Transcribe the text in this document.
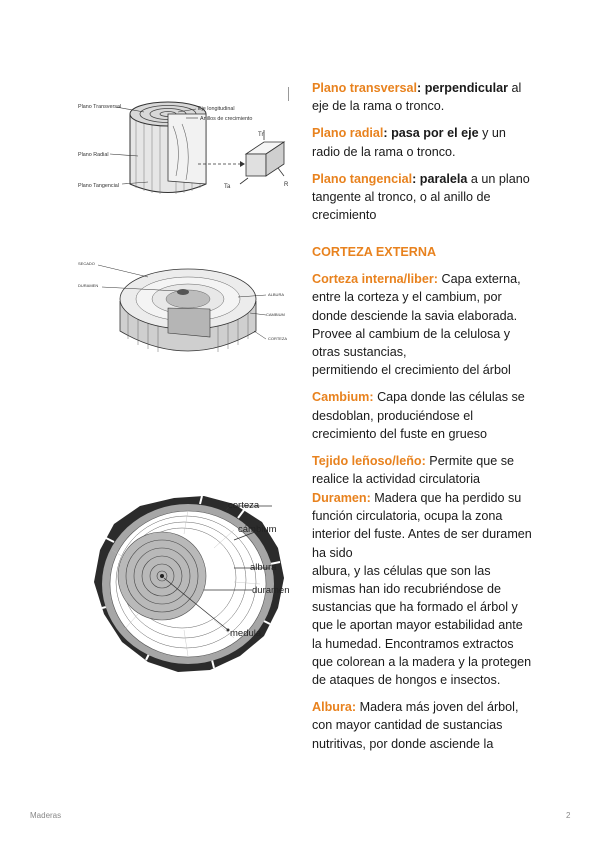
Plano Transversal	Eje longitudinal
Anillos de crecimiento
Plano Radial
Plano Tangencial
Tr
Ta	R
SECADO
DURAMEN
ALBURA
CAMBIUM
CORTEZA
corteza
cámbium
albura
duramen
medula

Plano transversal: perpendicular al eje de la rama o tronco.

Plano radial: pasa por el eje y un radio de la rama o tronco.

Plano tangencial: paralela a un plano tangente al tronco, o al anillo de crecimiento

CORTEZA EXTERNA

Corteza interna/liber: Capa externa, entre la corteza y el cambium, por donde desciende la savia elaborada. Provee al cambium de la celulosa y otras sustancias,
permitiendo el crecimiento del árbol

Cambium: Capa donde las células se desdoblan, produciéndose el crecimiento del fuste en grueso

Tejido leñoso/leño: Permite que se realice la actividad circulatoria

Duramen: Madera que ha perdido su función circulatoria, ocupa la zona interior del fuste. Antes de ser duramen ha sido
albura, y las células que son las mismas han ido recubriéndose de sustancias que ha formado el árbol y que le aportan mayor estabilidad ante la humedad. Encontramos extractos que colorean a la madera y la protegen de ataques de hongos e insectos.

Albura: Madera más joven del árbol, con mayor cantidad de sustancias nutritivas, por donde asciende la

Maderas	2
